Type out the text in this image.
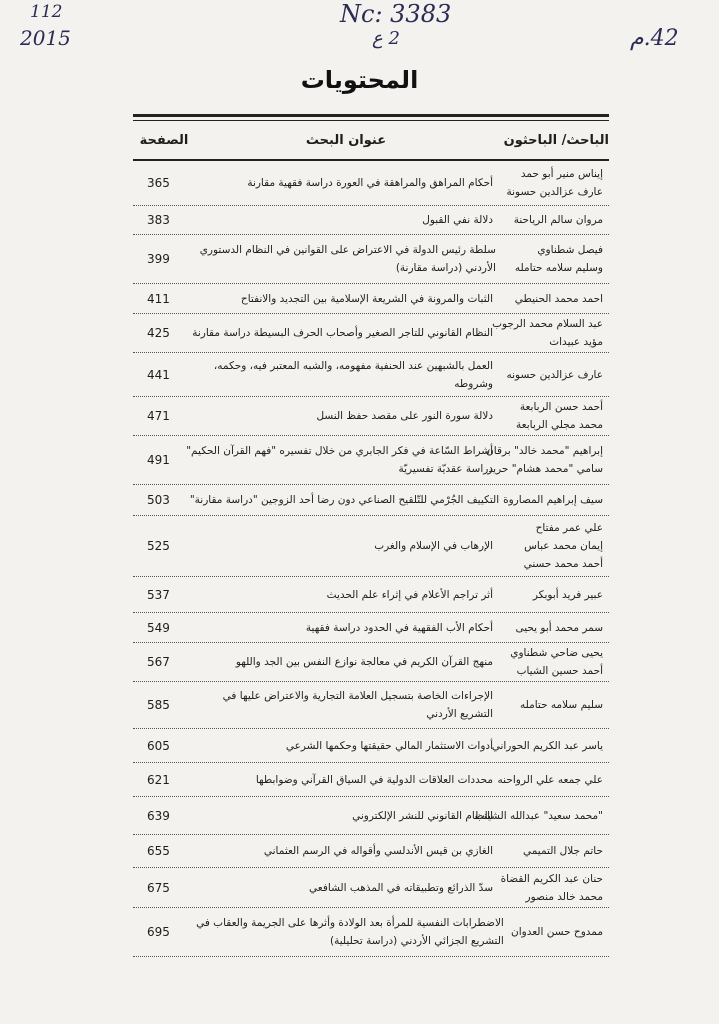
112
2015
Nc: 3383
2 ع	42.م
المحتويات
الباحث/ الباحثون
عنوان البحث
الصفحة
إيناس منير أبو حمد
عارف عزالدين حسونة
أحكام المراهق والمراهقة في العورة دراسة فقهية مقارنة
365
مروان سالم الرياحنة
دلالة نفي القبول
383
فيصل شطناوي
وسليم سلامه حتامله
سلطة رئيس الدولة في الاعتراض على القوانين في النظام الدستوري
الأردني (دراسة مقارنة)
399
احمد محمد الحنيطي
الثبات والمرونة في الشريعة الإسلامية بين التجديد والانفتاح
411
عبد السلام محمد الرجوب
مؤيد عبيدات
النظام القانوني للتاجر الصغير وأصحاب الحرف البسيطة دراسة مقارنة
425
عارف عزالدين حسونه
العمل بالشبهين عند الحنفية مفهومه، والشبه المعتبر فيه، وحكمه،
وشروطه
441
أحمد حسن الربابعة
محمد مجلي الربابعة
دلالة سورة النور على مقصد حفظ النسل
471
إبراهيم "محمد خالد" برقان
سامي "محمد هشام" حريز
أشراط السّاعة في فكر الجابري من خلال تفسيره "فهم القرآن الحكيم"
دراسة عقديّة تفسيريّة
491
سيف إبراهيم المصاروة
التكييف الجُرْمي للتّلقيح الصناعي دون رضا أحد الزوجين "دراسة مقارنة"
503
علي عمر مفتاح
إيمان محمد عباس
أحمد محمد حسني
الإرهاب في الإسلام والغرب
525
عبير فريد أبوبكر
أثر تراجم الأعلام في إثراء علم الحديث
537
سمر محمد أبو يحيى
أحكام الأب الفقهية في الحدود دراسة فقهية
549
يحيى ضاحي شطناوي
أحمد حسين الشياب
منهج القرآن الكريم في معالجة نوازع النفس بين الجد واللهو
567
سليم سلامه حتامله
الإجراءات الخاصة بتسجيل العلامة التجارية والاعتراض عليها في
التشريع الأردني
585
ياسر عبد الكريم الحوراني
أدوات الاستثمار المالي حقيقتها وحكمها الشرعي
605
علي جمعه علي الرواحنه
محددات العلاقات الدولية في السياق القرآني وضوابطها
621
"محمد سعيد" عبدالله الشياب
النظام القانوني للنشر الإلكتروني
639
حاتم جلال التميمي
الغازي بن قيس الأندلسي وأقواله في الرسم العثماني
655
حنان عبد الكريم القضاة
محمد خالد منصور
سدّ الذرائع وتطبيقاته في المذهب الشافعي
675
ممدوح حسن العدوان
الاضطرابات النفسية للمرأة بعد الولادة وأثرها على الجريمة والعقاب في
التشريع الجزائي الأردني (دراسة تحليلية)
695
